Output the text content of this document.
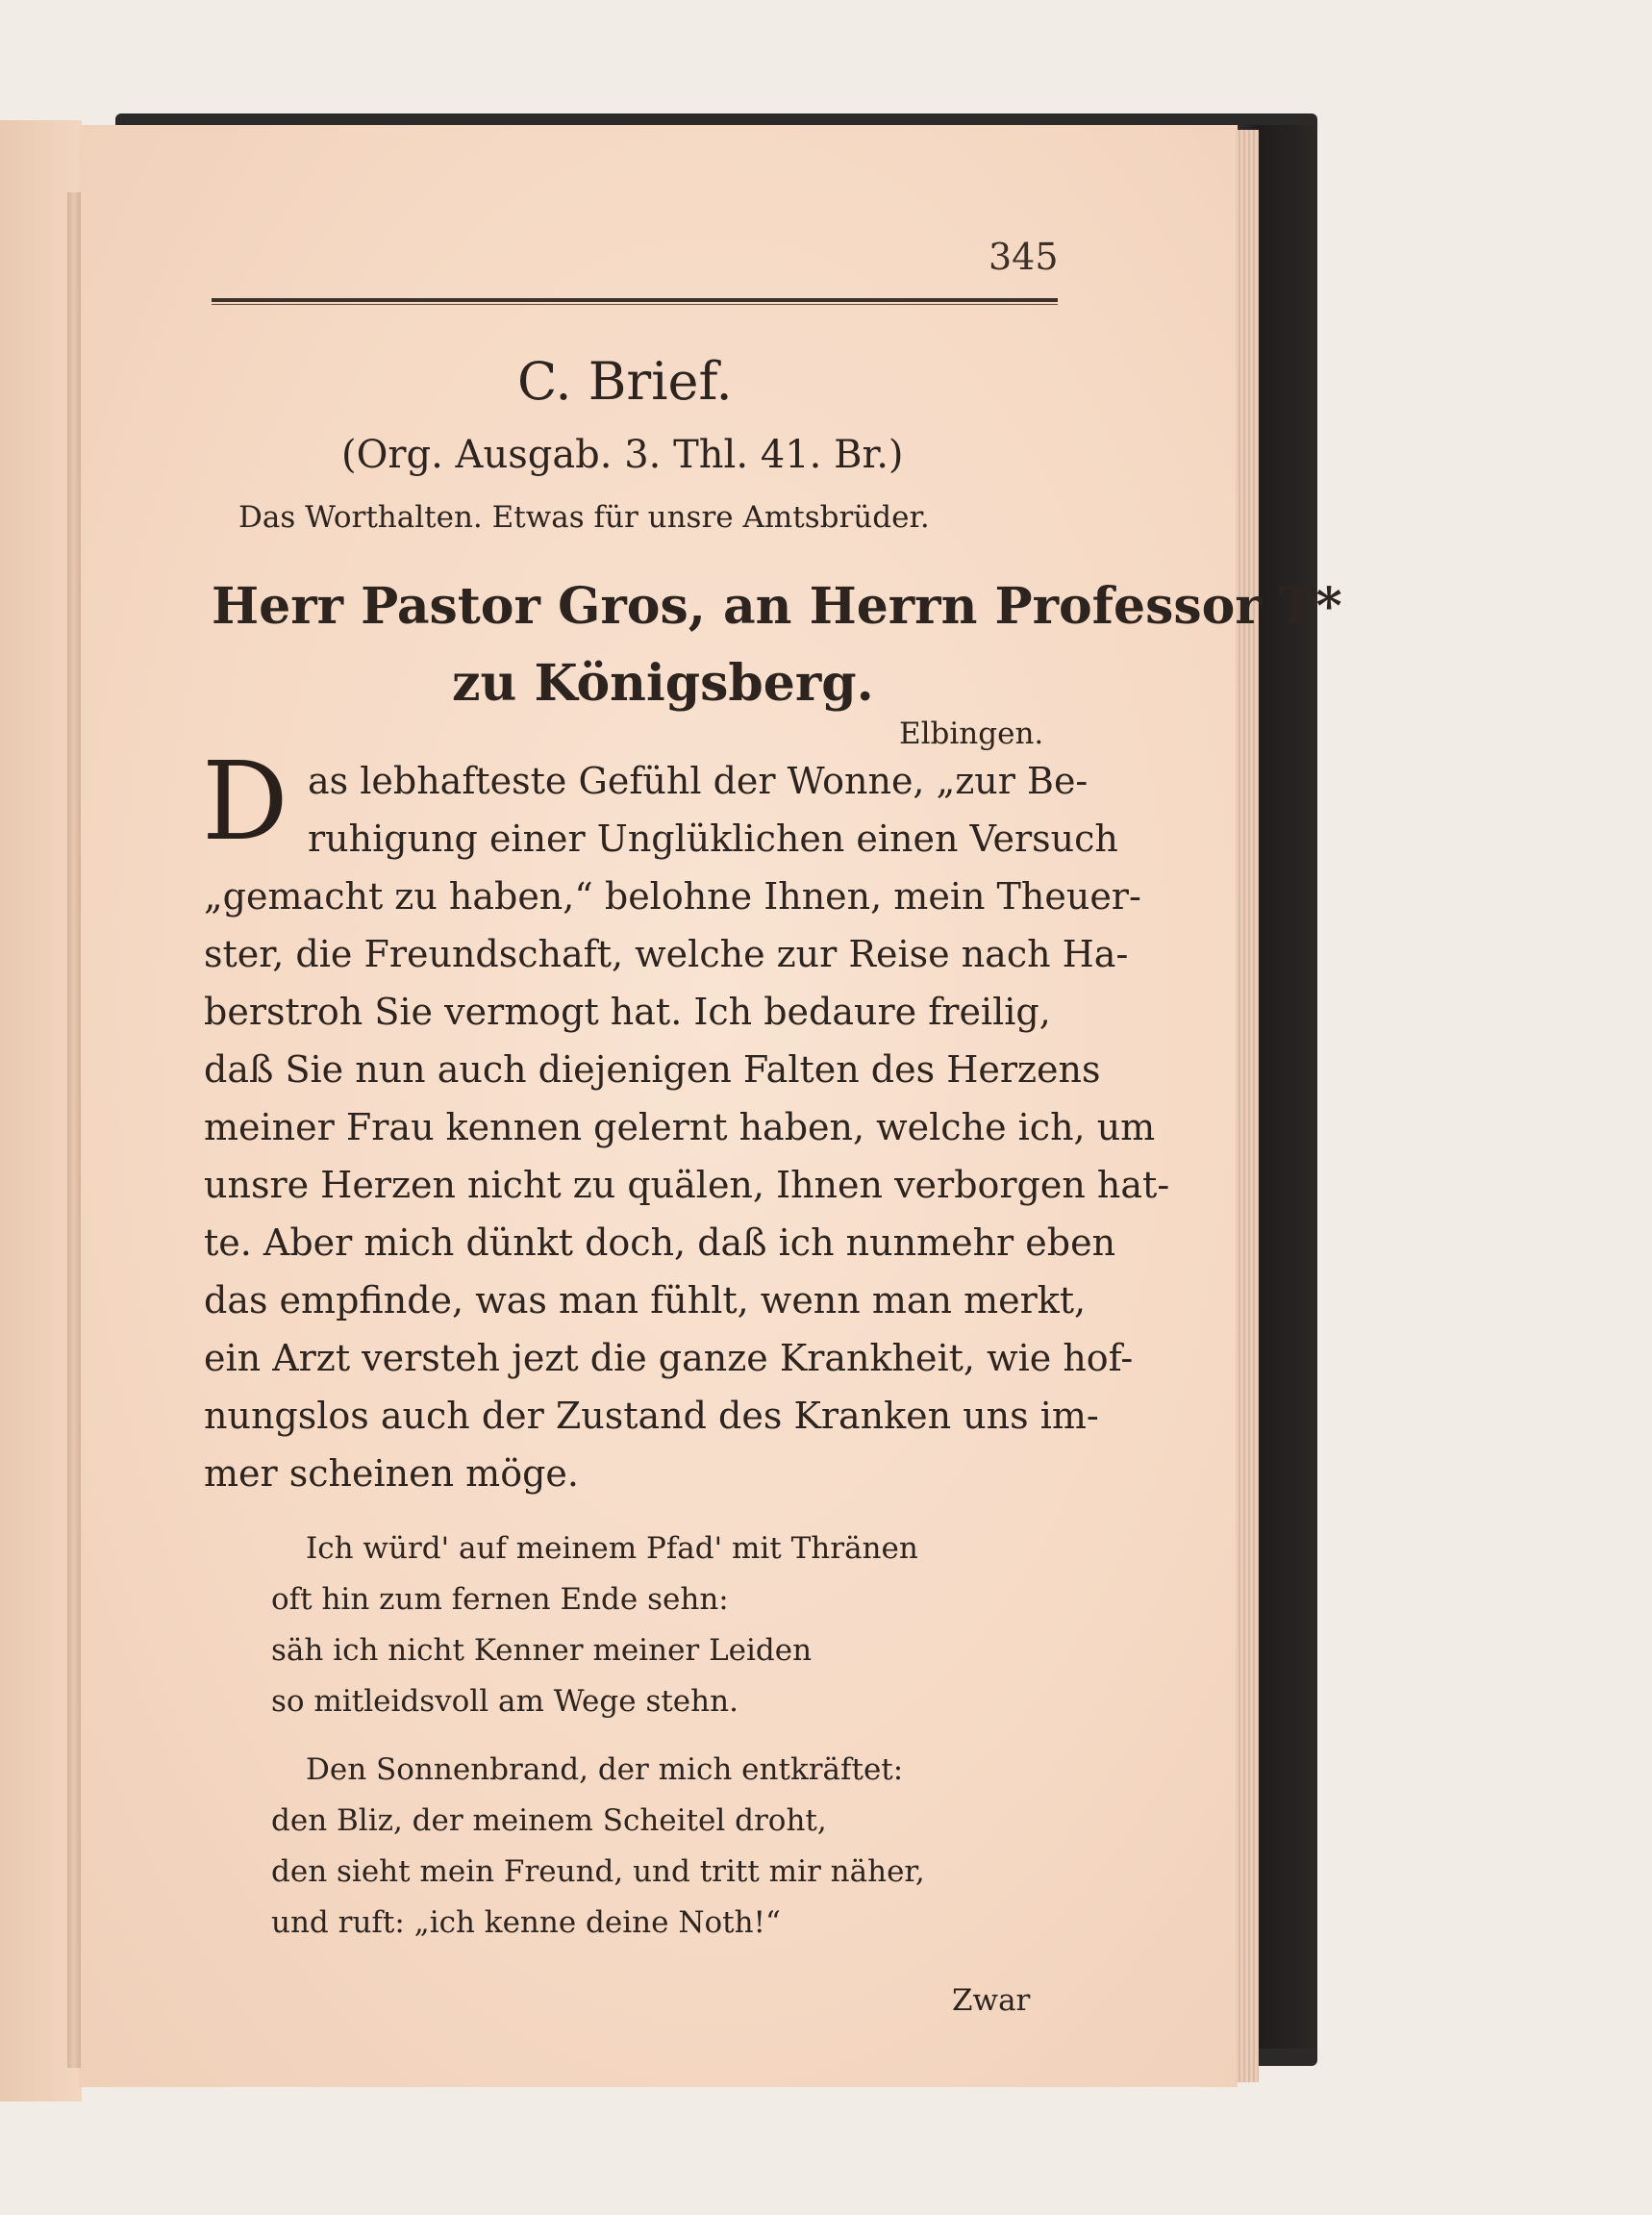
345
C. Brief.
(Org. Ausgab. 3. Thl. 41. Br.)
Das Worthalten. Etwas für unsre Amtsbrüder.
Herr Pastor Gros, an Herrn Professor T*
zu Königsberg.
Elbingen.
D as lebhafteste Gefühl der Wonne, „zur Be-
ruhigung einer Unglüklichen einen Versuch
„gemacht zu haben,“ belohne Ihnen, mein Theuer-
ster, die Freundschaft, welche zur Reise nach Ha-
berstroh Sie vermogt hat. Ich bedaure freilig,
daß Sie nun auch diejenigen Falten des Herzens
meiner Frau kennen gelernt haben, welche ich, um
unsre Herzen nicht zu quälen, Ihnen verborgen hat-
te. Aber mich dünkt doch, daß ich nunmehr eben
das empfinde, was man fühlt, wenn man merkt,
ein Arzt versteh jezt die ganze Krankheit, wie hof-
nungslos auch der Zustand des Kranken uns im-
mer scheinen möge.
Ich würd' auf meinem Pfad' mit Thränen
oft hin zum fernen Ende sehn:
säh ich nicht Kenner meiner Leiden
so mitleidsvoll am Wege stehn.
Den Sonnenbrand, der mich entkräftet:
den Bliz, der meinem Scheitel droht,
den sieht mein Freund, und tritt mir näher,
und ruft: „ich kenne deine Noth!“
Zwar
